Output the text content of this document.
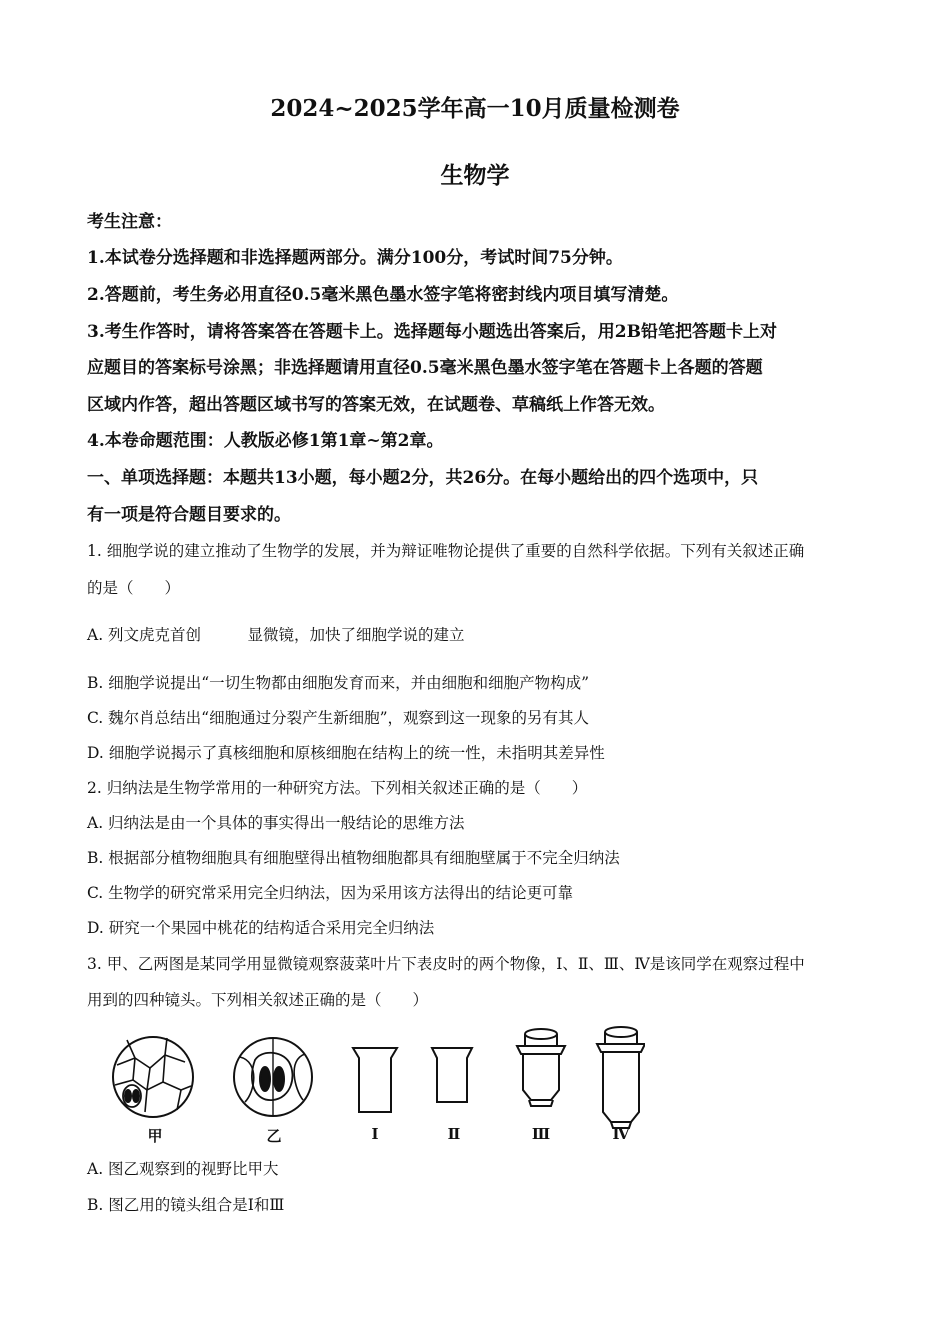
2024~2025学年高一10月质量检测卷
生物学
考生注意：
1.本试卷分选择题和非选择题两部分。满分100分，考试时间75分钟。
2.答题前，考生务必用直径0.5毫米黑色墨水签字笔将密封线内项目填写清楚。
3.考生作答时，请将答案答在答题卡上。选择题每小题选出答案后，用2B铅笔把答题卡上对
应题目的答案标号涂黑；非选择题请用直径0.5毫米黑色墨水签字笔在答题卡上各题的答题
区域内作答，超出答题区域书写的答案无效，在试题卷、草稿纸上作答无效。
4.本卷命题范围：人教版必修1第1章~第2章。
一、单项选择题：本题共13小题，每小题2分，共26分。在每小题给出的四个选项中，只
有一项是符合题目要求的。
1. 细胞学说的建立推动了生物学的发展，并为辩证唯物论提供了重要的自然科学依据。下列有关叙述正确
的是（　　）
A. 列文虎克首创　　　显微镜，加快了细胞学说的建立
B. 细胞学说提出“一切生物都由细胞发育而来，并由细胞和细胞产物构成”
C. 魏尔肖总结出“细胞通过分裂产生新细胞”，观察到这一现象的另有其人
D. 细胞学说揭示了真核细胞和原核细胞在结构上的统一性，未指明其差异性
2. 归纳法是生物学常用的一种研究方法。下列相关叙述正确的是（　　）
A. 归纳法是由一个具体的事实得出一般结论的思维方法
B. 根据部分植物细胞具有细胞壁得出植物细胞都具有细胞壁属于不完全归纳法
C. 生物学的研究常采用完全归纳法，因为采用该方法得出的结论更可靠
D. 研究一个果园中桃花的结构适合采用完全归纳法
3. 甲、乙两图是某同学用显微镜观察菠菜叶片下表皮时的两个物像，I、Ⅱ、Ⅲ、Ⅳ是该同学在观察过程中
用到的四种镜头。下列相关叙述正确的是（　　）
甲	乙	I	Ⅱ	Ⅲ	Ⅳ
A. 图乙观察到的视野比甲大
B. 图乙用的镜头组合是I和Ⅲ
